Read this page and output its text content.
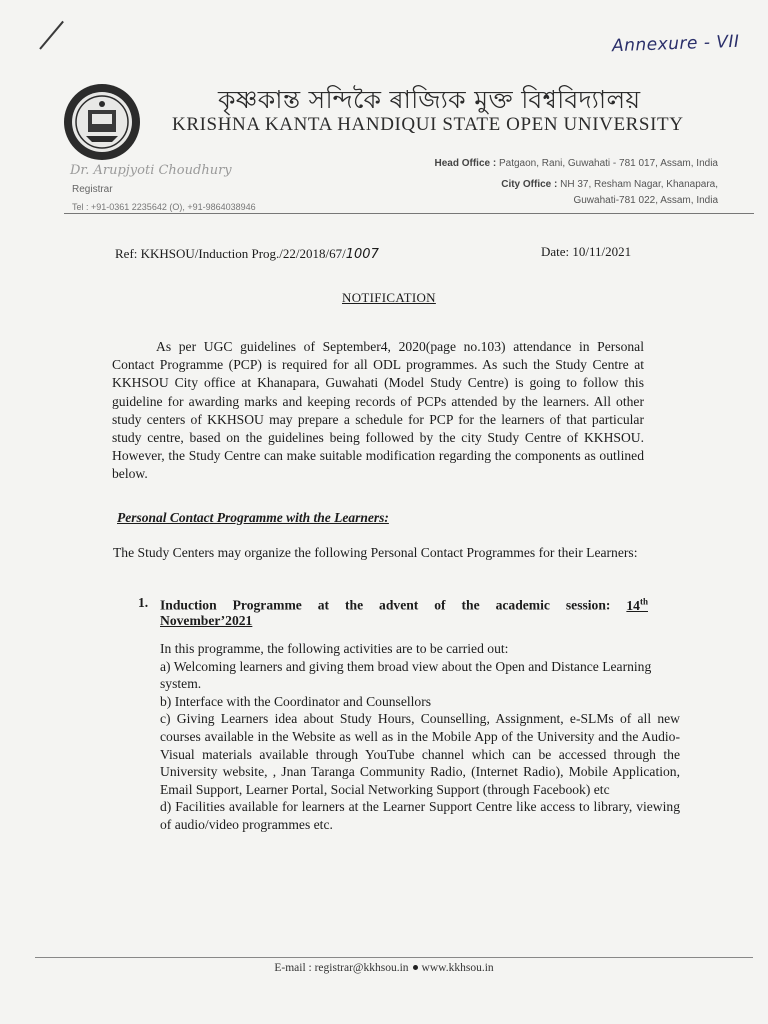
Annexure - VII
কৃষ্ণকান্ত সন্দিকৈ ৰাজ্যিক মুক্ত বিশ্ববিদ্যালয়
KRISHNA KANTA HANDIQUI STATE OPEN UNIVERSITY
Dr. Arupjyoti Choudhury
Registrar
Tel : +91-0361 2235642 (O), +91-9864038946
Head Office : Patgaon, Rani, Guwahati - 781 017, Assam, India
City Office : NH 37, Resham Nagar, Khanapara,
Guwahati-781 022, Assam, India
Ref: KKHSOU/Induction Prog./22/2018/67/1007	Date: 10/11/2021
NOTIFICATION

As per UGC guidelines of September4, 2020(page no.103) attendance in Personal Contact Programme (PCP) is required for all ODL programmes. As such the Study Centre at KKHSOU City office at Khanapara, Guwahati (Model Study Centre) is going to follow this guideline for awarding marks and keeping records of PCPs attended by the learners. All other study centers of KKHSOU may prepare a schedule for PCP for the learners of that particular study centre, based on the guidelines being followed by the city Study Centre of KKHSOU. However, the Study Centre can make suitable modification regarding the components as outlined below.

Personal Contact Programme with the Learners:

The Study Centers may organize the following Personal Contact Programmes for their Learners:

1. Induction Programme at the advent of the academic session: 14th
November’2021

In this programme, the following activities are to be carried out:

a) Welcoming learners and giving them broad view about the Open and Distance Learning system.

b) Interface with the Coordinator and Counsellors

c) Giving Learners idea about Study Hours, Counselling, Assignment, e-SLMs of all new courses available in the Website as well as in the Mobile App of the University and the Audio-Visual materials available through YouTube channel which can be accessed through the University website, , Jnan Taranga Community Radio, (Internet Radio), Mobile Application, Email Support, Learner Portal, Social Networking Support (through Facebook) etc

d) Facilities available for learners at the Learner Support Centre like access to library, viewing of audio/video programmes etc.

E-mail : registrar@kkhsou.in www.kkhsou.in
